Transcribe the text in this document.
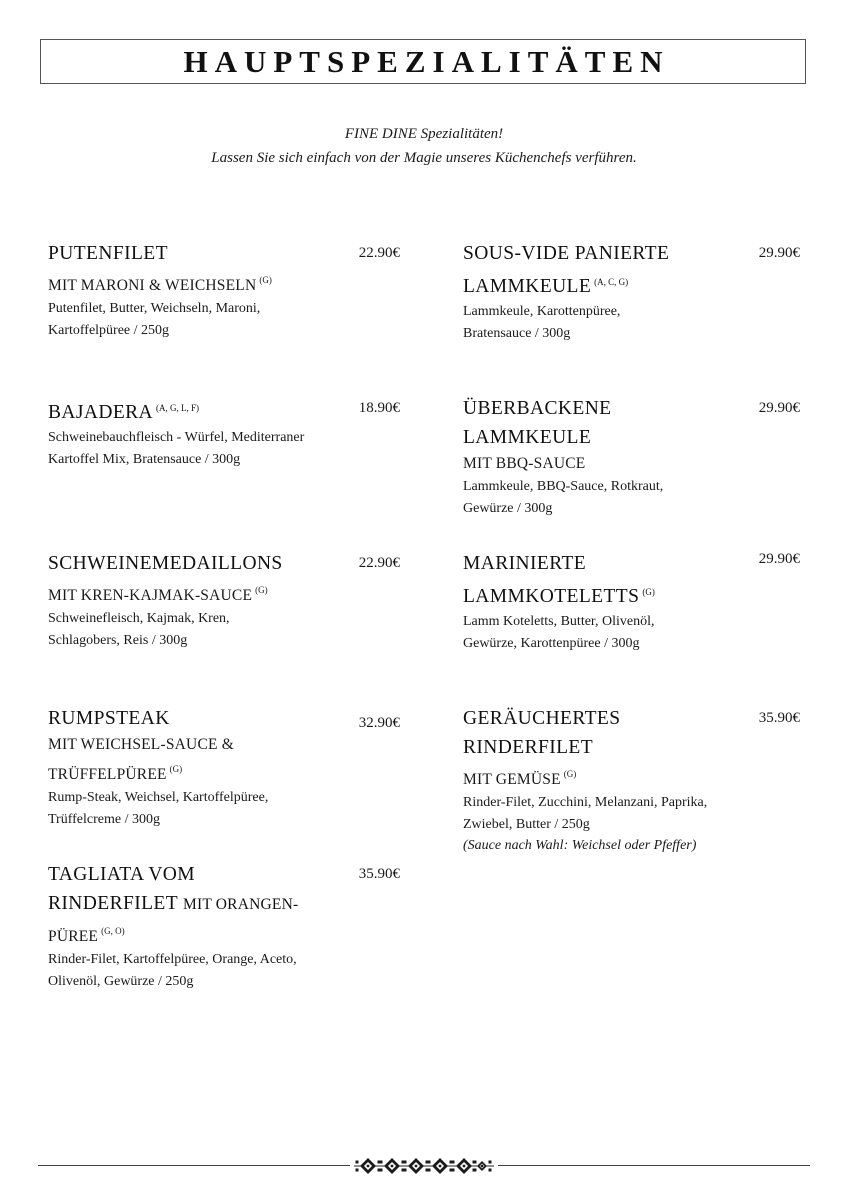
HAUPTSPEZIALITÄTEN
FINE DINE Spezialitäten!
Lassen Sie sich einfach von der Magie unseres Küchenchefs verführen.
PUTENFILET
MIT MARONI & WEICHSELN $^{(G)}$
Putenfilet, Butter, Weichseln, Maroni,
Kartoffelpüree / 250g
22.90€
BAJADERA $^{(A, G, L, F)}$
Schweinebauchfleisch - Würfel, Mediterraner
Kartoffel Mix, Bratensauce / 300g
18.90€
SCHWEINEMEDAILLONS
MIT KREN-KAJMAK-SAUCE $^{(G)}$
Schweinefleisch, Kajmak, Kren,
Schlagobers, Reis / 300g
22.90€
RUMPSTEAK
MIT WEICHSEL-SAUCE &
TRÜFFELPÜREE $^{(G)}$
Rump-Steak, Weichsel, Kartoffelpüree,
Trüffelcreme / 300g
32.90€
TAGLIATA VOM
RINDERFILET MIT ORANGEN-
PÜREE $^{(G, O)}$
Rinder-Filet, Kartoffelpüree, Orange, Aceto,
Olivenöl, Gewürze / 250g
35.90€
SOUS-VIDE PANIERTE
LAMMKEULE $^{(A, C, G)}$
Lammkeule, Karottenpüree,
Bratensauce / 300g
29.90€
ÜBERBACKENE
LAMMKEULE
MIT BBQ-SAUCE
Lammkeule, BBQ-Sauce, Rotkraut,
Gewürze / 300g
29.90€
MARINIERTE
LAMMKOTELETTS $^{(G)}$
Lamm Koteletts, Butter, Olivenöl,
Gewürze, Karottenpüree / 300g
29.90€
GERÄUCHERTES
RINDERFILET
MIT GEMÜSE $^{(G)}$
Rinder-Filet, Zucchini, Melanzani, Paprika,
Zwiebel, Butter / 250g
(Sauce nach Wahl: Weichsel oder Pfeffer)
35.90€
